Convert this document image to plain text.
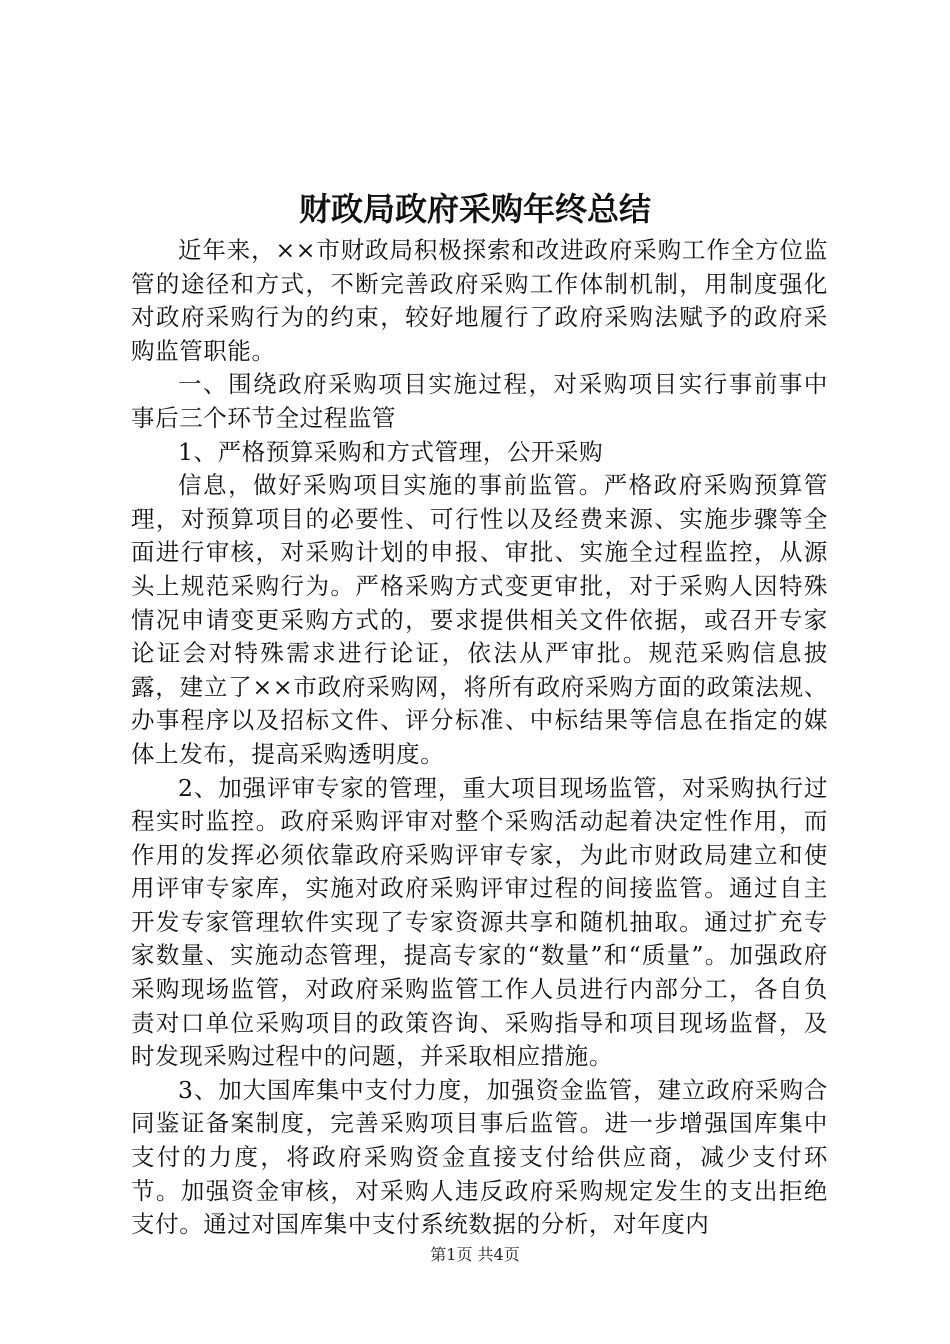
财政局政府采购年终总结

近年来，××市财政局积极探索和改进政府采购工作全方位监管的途径和方式，不断完善政府采购工作体制机制，用制度强化对政府采购行为的约束，较好地履行了政府采购法赋予的政府采购监管职能。

一、围绕政府采购项目实施过程，对采购项目实行事前事中事后三个环节全过程监管

1、严格预算采购和方式管理，公开采购

信息，做好采购项目实施的事前监管。严格政府采购预算管理，对预算项目的必要性、可行性以及经费来源、实施步骤等全面进行审核，对采购计划的申报、审批、实施全过程监控，从源头上规范采购行为。严格采购方式变更审批，对于采购人因特殊情况申请变更采购方式的，要求提供相关文件依据，或召开专家论证会对特殊需求进行论证，依法从严审批。规范采购信息披露，建立了××市政府采购网，将所有政府采购方面的政策法规、办事程序以及招标文件、评分标准、中标结果等信息在指定的媒体上发布，提高采购透明度。

2、加强评审专家的管理，重大项目现场监管，对采购执行过程实时监控。政府采购评审对整个采购活动起着决定性作用，而作用的发挥必须依靠政府采购评审专家，为此市财政局建立和使用评审专家库，实施对政府采购评审过程的间接监管。通过自主开发专家管理软件实现了专家资源共享和随机抽取。通过扩充专家数量、实施动态管理，提高专家的“数量”和“质量”。加强政府采购现场监管，对政府采购监管工作人员进行内部分工，各自负责对口单位采购项目的政策咨询、采购指导和项目现场监督，及时发现采购过程中的问题，并采取相应措施。

3、加大国库集中支付力度，加强资金监管，建立政府采购合同鉴证备案制度，完善采购项目事后监管。进一步增强国库集中支付的力度，将政府采购资金直接支付给供应商，减少支付环节。加强资金审核，对采购人违反政府采购规定发生的支出拒绝支付。通过对国库集中支付系统数据的分析，对年度内

第1页 共4页
